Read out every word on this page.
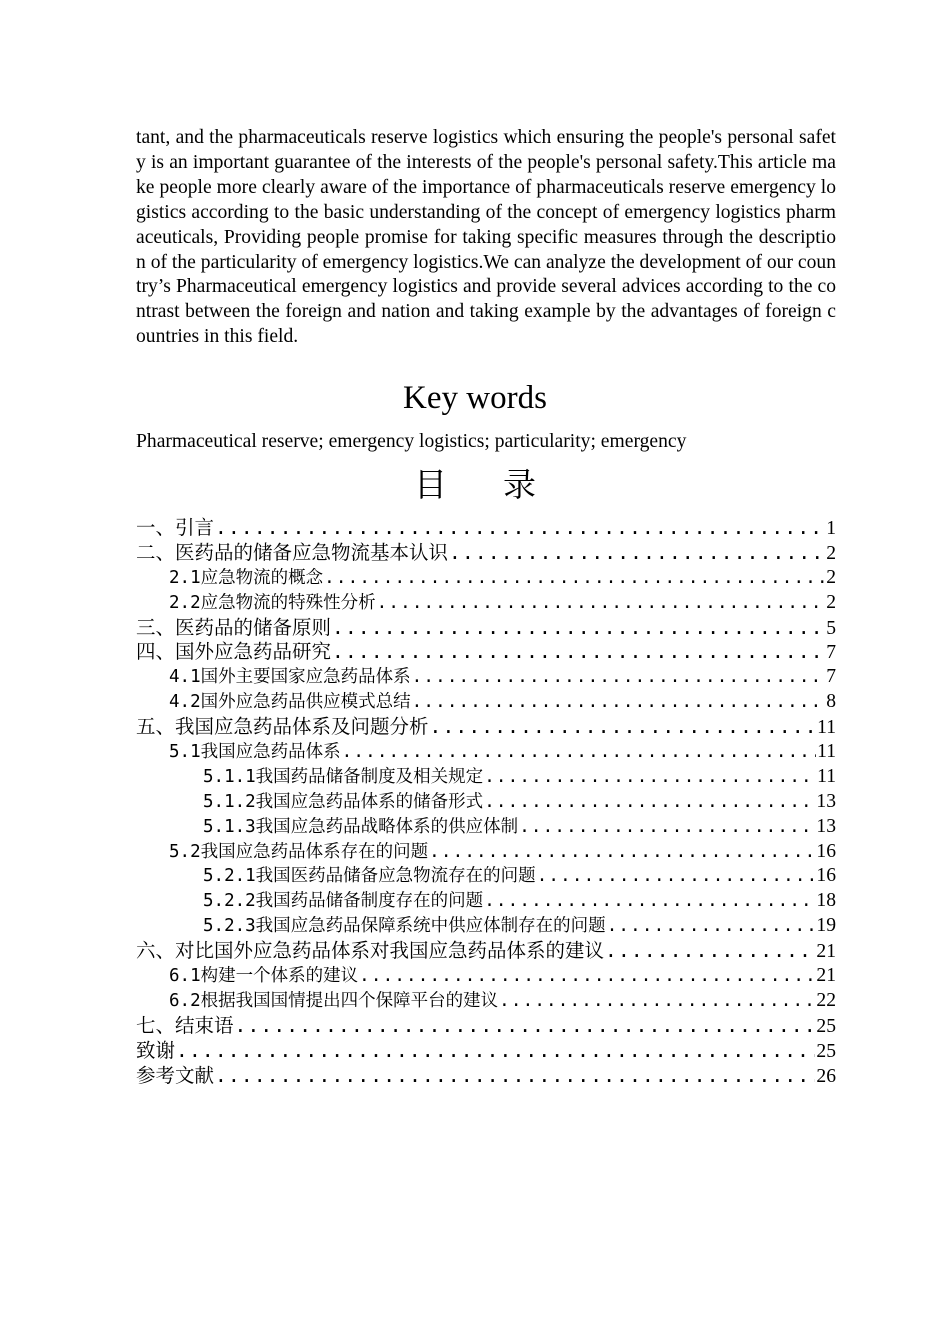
tant, and the pharmaceuticals reserve logistics which ensuring the people's personal safety is an important guarantee of the interests of the people's personal safety.This article make people more clearly aware of the importance of pharmaceuticals reserve emergency logistics according to the basic understanding of the concept of emergency logistics pharmaceuticals, Providing people promise for taking specific measures through the description of the particularity of emergency logistics.We can analyze the development of our country’s Pharmaceutical emergency logistics and provide several advices according to the contrast between the foreign and nation and taking example by the advantages of foreign countries in this field.

Key words

Pharmaceutical reserve; emergency logistics; particularity; emergency

目 录
一、引言 .....	1
二、医药品的储备应急物流基本认识 .....	2
2.1应急物流的概念 .....	2
2.2应急物流的特殊性分析 .....	2
三、医药品的储备原则 .....	5
四、国外应急药品研究 .....	7
4.1国外主要国家应急药品体系 .....	7
4.2国外应急药品供应模式总结 .....	8
五、我国应急药品体系及问题分析 .....	11
5.1我国应急药品体系 .....	11
5.1.1我国药品储备制度及相关规定 .....	11
5.1.2我国应急药品体系的储备形式 .....	13
5.1.3我国应急药品战略体系的供应体制 .....	13
5.2我国应急药品体系存在的问题 .....	16
5.2.1我国医药品储备应急物流存在的问题 .....	16
5.2.2我国药品储备制度存在的问题 .....	18
5.2.3我国应急药品保障系统中供应体制存在的问题 .....	19
六、对比国外应急药品体系对我国应急药品体系的建议 .....	21
6.1构建一个体系的建议 .....	21
6.2根据我国国情提出四个保障平台的建议 .....	22
七、结束语 .....	25
致谢 .....	25
参考文献 .....	26
